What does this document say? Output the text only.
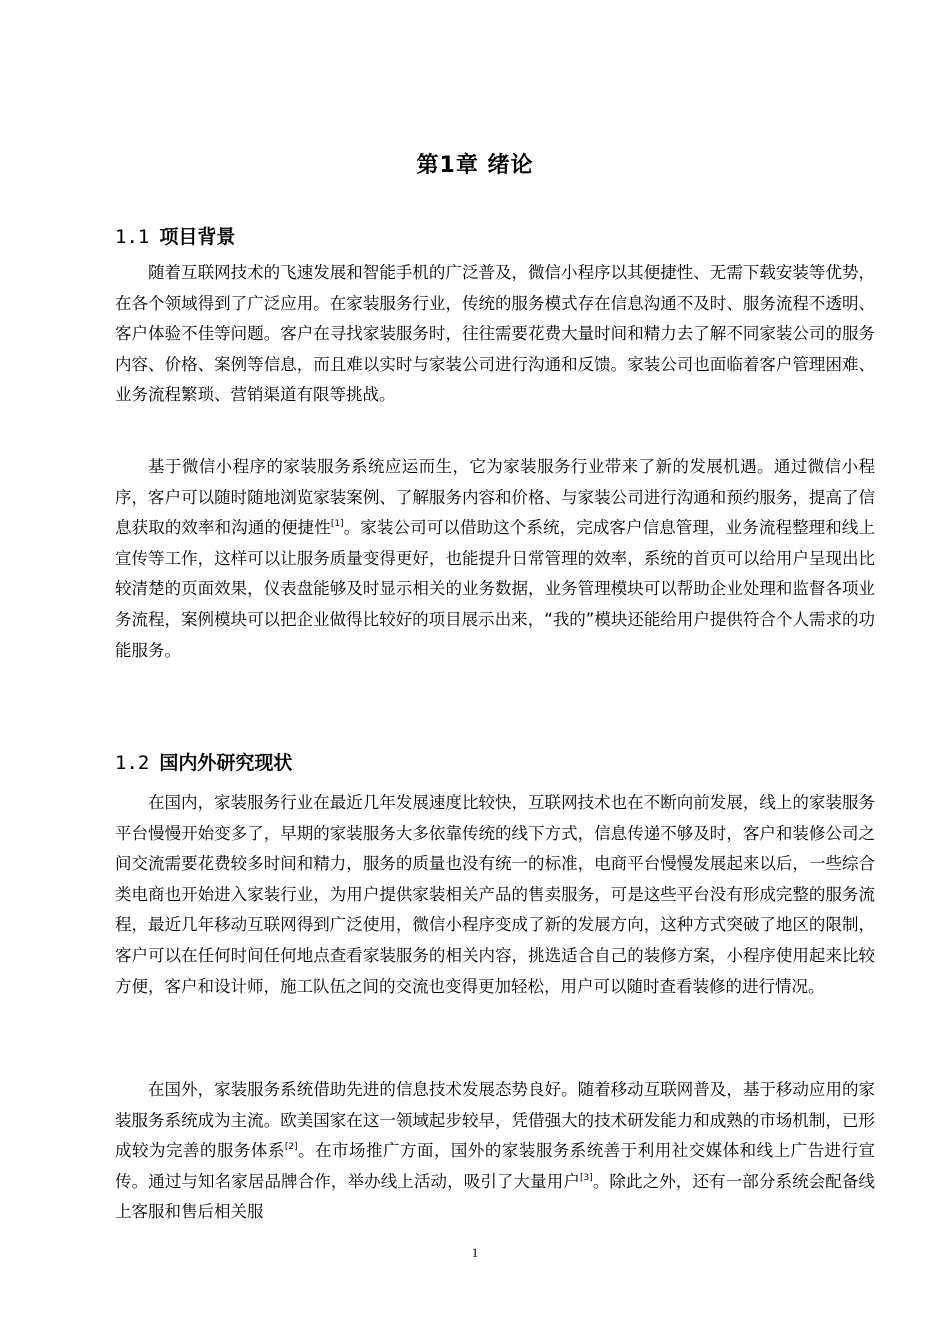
第1章 绪论
1.1 项目背景

随着互联网技术的飞速发展和智能手机的广泛普及，微信小程序以其便捷性、无需下载安装等优势，在各个领域得到了广泛应用。在家装服务行业，传统的服务模式存在信息沟通不及时、服务流程不透明、客户体验不佳等问题。客户在寻找家装服务时，往往需要花费大量时间和精力去了解不同家装公司的服务内容、价格、案例等信息，而且难以实时与家装公司进行沟通和反馈。家装公司也面临着客户管理困难、业务流程繁琐、营销渠道有限等挑战。

基于微信小程序的家装服务系统应运而生，它为家装服务行业带来了新的发展机遇。通过微信小程序，客户可以随时随地浏览家装案例、了解服务内容和价格、与家装公司进行沟通和预约服务，提高了信息获取的效率和沟通的便捷性[1]。家装公司可以借助这个系统，完成客户信息管理，业务流程整理和线上宣传等工作，这样可以让服务质量变得更好，也能提升日常管理的效率，系统的首页可以给用户呈现出比较清楚的页面效果，仪表盘能够及时显示相关的业务数据，业务管理模块可以帮助企业处理和监督各项业务流程，案例模块可以把企业做得比较好的项目展示出来，“我的”模块还能给用户提供符合个人需求的功能服务。

1.2 国内外研究现状

在国内，家装服务行业在最近几年发展速度比较快，互联网技术也在不断向前发展，线上的家装服务平台慢慢开始变多了，早期的家装服务大多依靠传统的线下方式，信息传递不够及时，客户和装修公司之间交流需要花费较多时间和精力，服务的质量也没有统一的标准，电商平台慢慢发展起来以后，一些综合类电商也开始进入家装行业，为用户提供家装相关产品的售卖服务，可是这些平台没有形成完整的服务流程，最近几年移动互联网得到广泛使用，微信小程序变成了新的发展方向，这种方式突破了地区的限制，客户可以在任何时间任何地点查看家装服务的相关内容，挑选适合自己的装修方案，小程序使用起来比较方便，客户和设计师，施工队伍之间的交流也变得更加轻松，用户可以随时查看装修的进行情况。

在国外，家装服务系统借助先进的信息技术发展态势良好。随着移动互联网普及，基于移动应用的家装服务系统成为主流。欧美国家在这一领域起步较早，凭借强大的技术研发能力和成熟的市场机制，已形成较为完善的服务体系[2]。在市场推广方面，国外的家装服务系统善于利用社交媒体和线上广告进行宣传。通过与知名家居品牌合作，举办线上活动，吸引了大量用户[3]。除此之外，还有一部分系统会配备线上客服和售后相关服

1
